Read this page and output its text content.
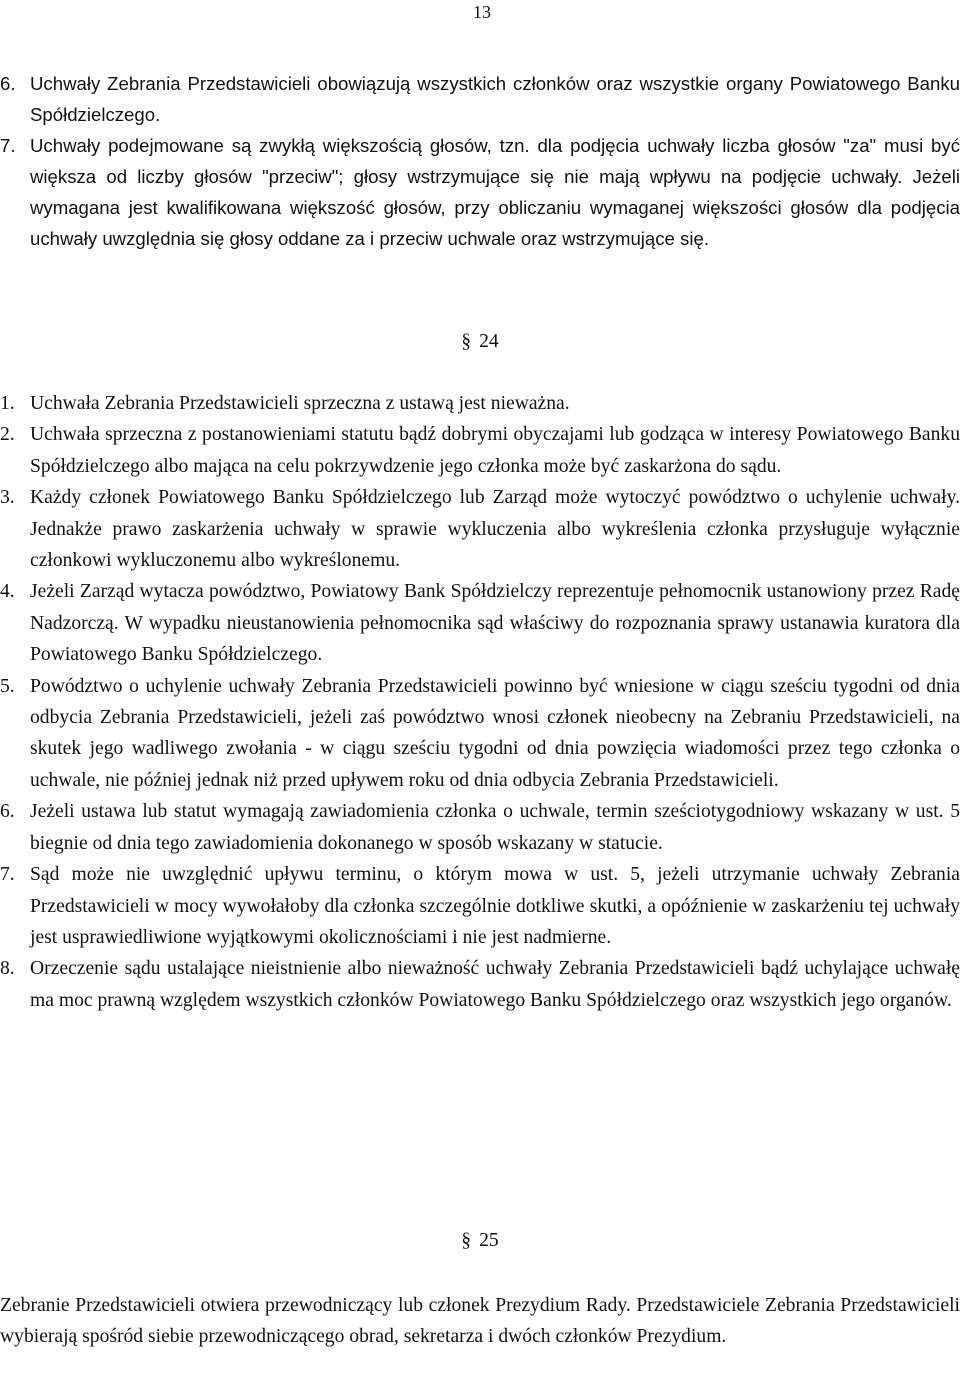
13
6. Uchwały Zebrania Przedstawicieli obowiązują wszystkich członków oraz wszystkie organy Powiatowego Banku Spółdzielczego.
7. Uchwały podejmowane są zwykłą większością głosów, tzn. dla podjęcia uchwały liczba głosów "za" musi być większa od liczby głosów "przeciw"; głosy wstrzymujące się nie mają wpływu na podjęcie uchwały. Jeżeli wymagana jest kwalifikowana większość głosów, przy obliczaniu wymaganej większości głosów dla podjęcia uchwały uwzględnia się głosy oddane za i przeciw uchwale oraz wstrzymujące się.
§ 24
1. Uchwała Zebrania Przedstawicieli sprzeczna z ustawą jest nieważna.
2. Uchwała sprzeczna z postanowieniami statutu bądź dobrymi obyczajami lub godząca w interesy Powiatowego Banku Spółdzielczego albo mająca na celu pokrzywdzenie jego członka może być zaskarżona do sądu.
3. Każdy członek Powiatowego Banku Spółdzielczego lub Zarząd może wytoczyć powództwo o uchylenie uchwały. Jednakże prawo zaskarżenia uchwały w sprawie wykluczenia albo wykreślenia członka przysługuje wyłącznie członkowi wykluczonemu albo wykreślonemu.
4. Jeżeli Zarząd wytacza powództwo, Powiatowy Bank Spółdzielczy reprezentuje pełnomocnik ustanowiony przez Radę Nadzorczą. W wypadku nieustanowienia pełnomocnika sąd właściwy do rozpoznania sprawy ustanawia kuratora dla Powiatowego Banku Spółdzielczego.
5. Powództwo o uchylenie uchwały Zebrania Przedstawicieli powinno być wniesione w ciągu sześciu tygodni od dnia odbycia Zebrania Przedstawicieli, jeżeli zaś powództwo wnosi członek nieobecny na Zebraniu Przedstawicieli, na skutek jego wadliwego zwołania - w ciągu sześciu tygodni od dnia powzięcia wiadomości przez tego członka o uchwale, nie później jednak niż przed upływem roku od dnia odbycia Zebrania Przedstawicieli.
6. Jeżeli ustawa lub statut wymagają zawiadomienia członka o uchwale, termin sześciotygodniowy wskazany w ust. 5 biegnie od dnia tego zawiadomienia dokonanego w sposób wskazany w statucie.
7. Sąd może nie uwzględnić upływu terminu, o którym mowa w ust. 5, jeżeli utrzymanie uchwały Zebrania Przedstawicieli w mocy wywołałoby dla członka szczególnie dotkliwe skutki, a opóźnienie w zaskarżeniu tej uchwały jest usprawiedliwione wyjątkowymi okolicznościami i nie jest nadmierne.
8. Orzeczenie sądu ustalające nieistnienie albo nieważność uchwały Zebrania Przedstawicieli bądź uchylające uchwałę ma moc prawną względem wszystkich członków Powiatowego Banku Spółdzielczego oraz wszystkich jego organów.
§ 25

Zebranie Przedstawicieli otwiera przewodniczący lub członek Prezydium Rady. Przedstawiciele Zebrania Przedstawicieli wybierają spośród siebie przewodniczącego obrad, sekretarza i dwóch członków Prezydium.
